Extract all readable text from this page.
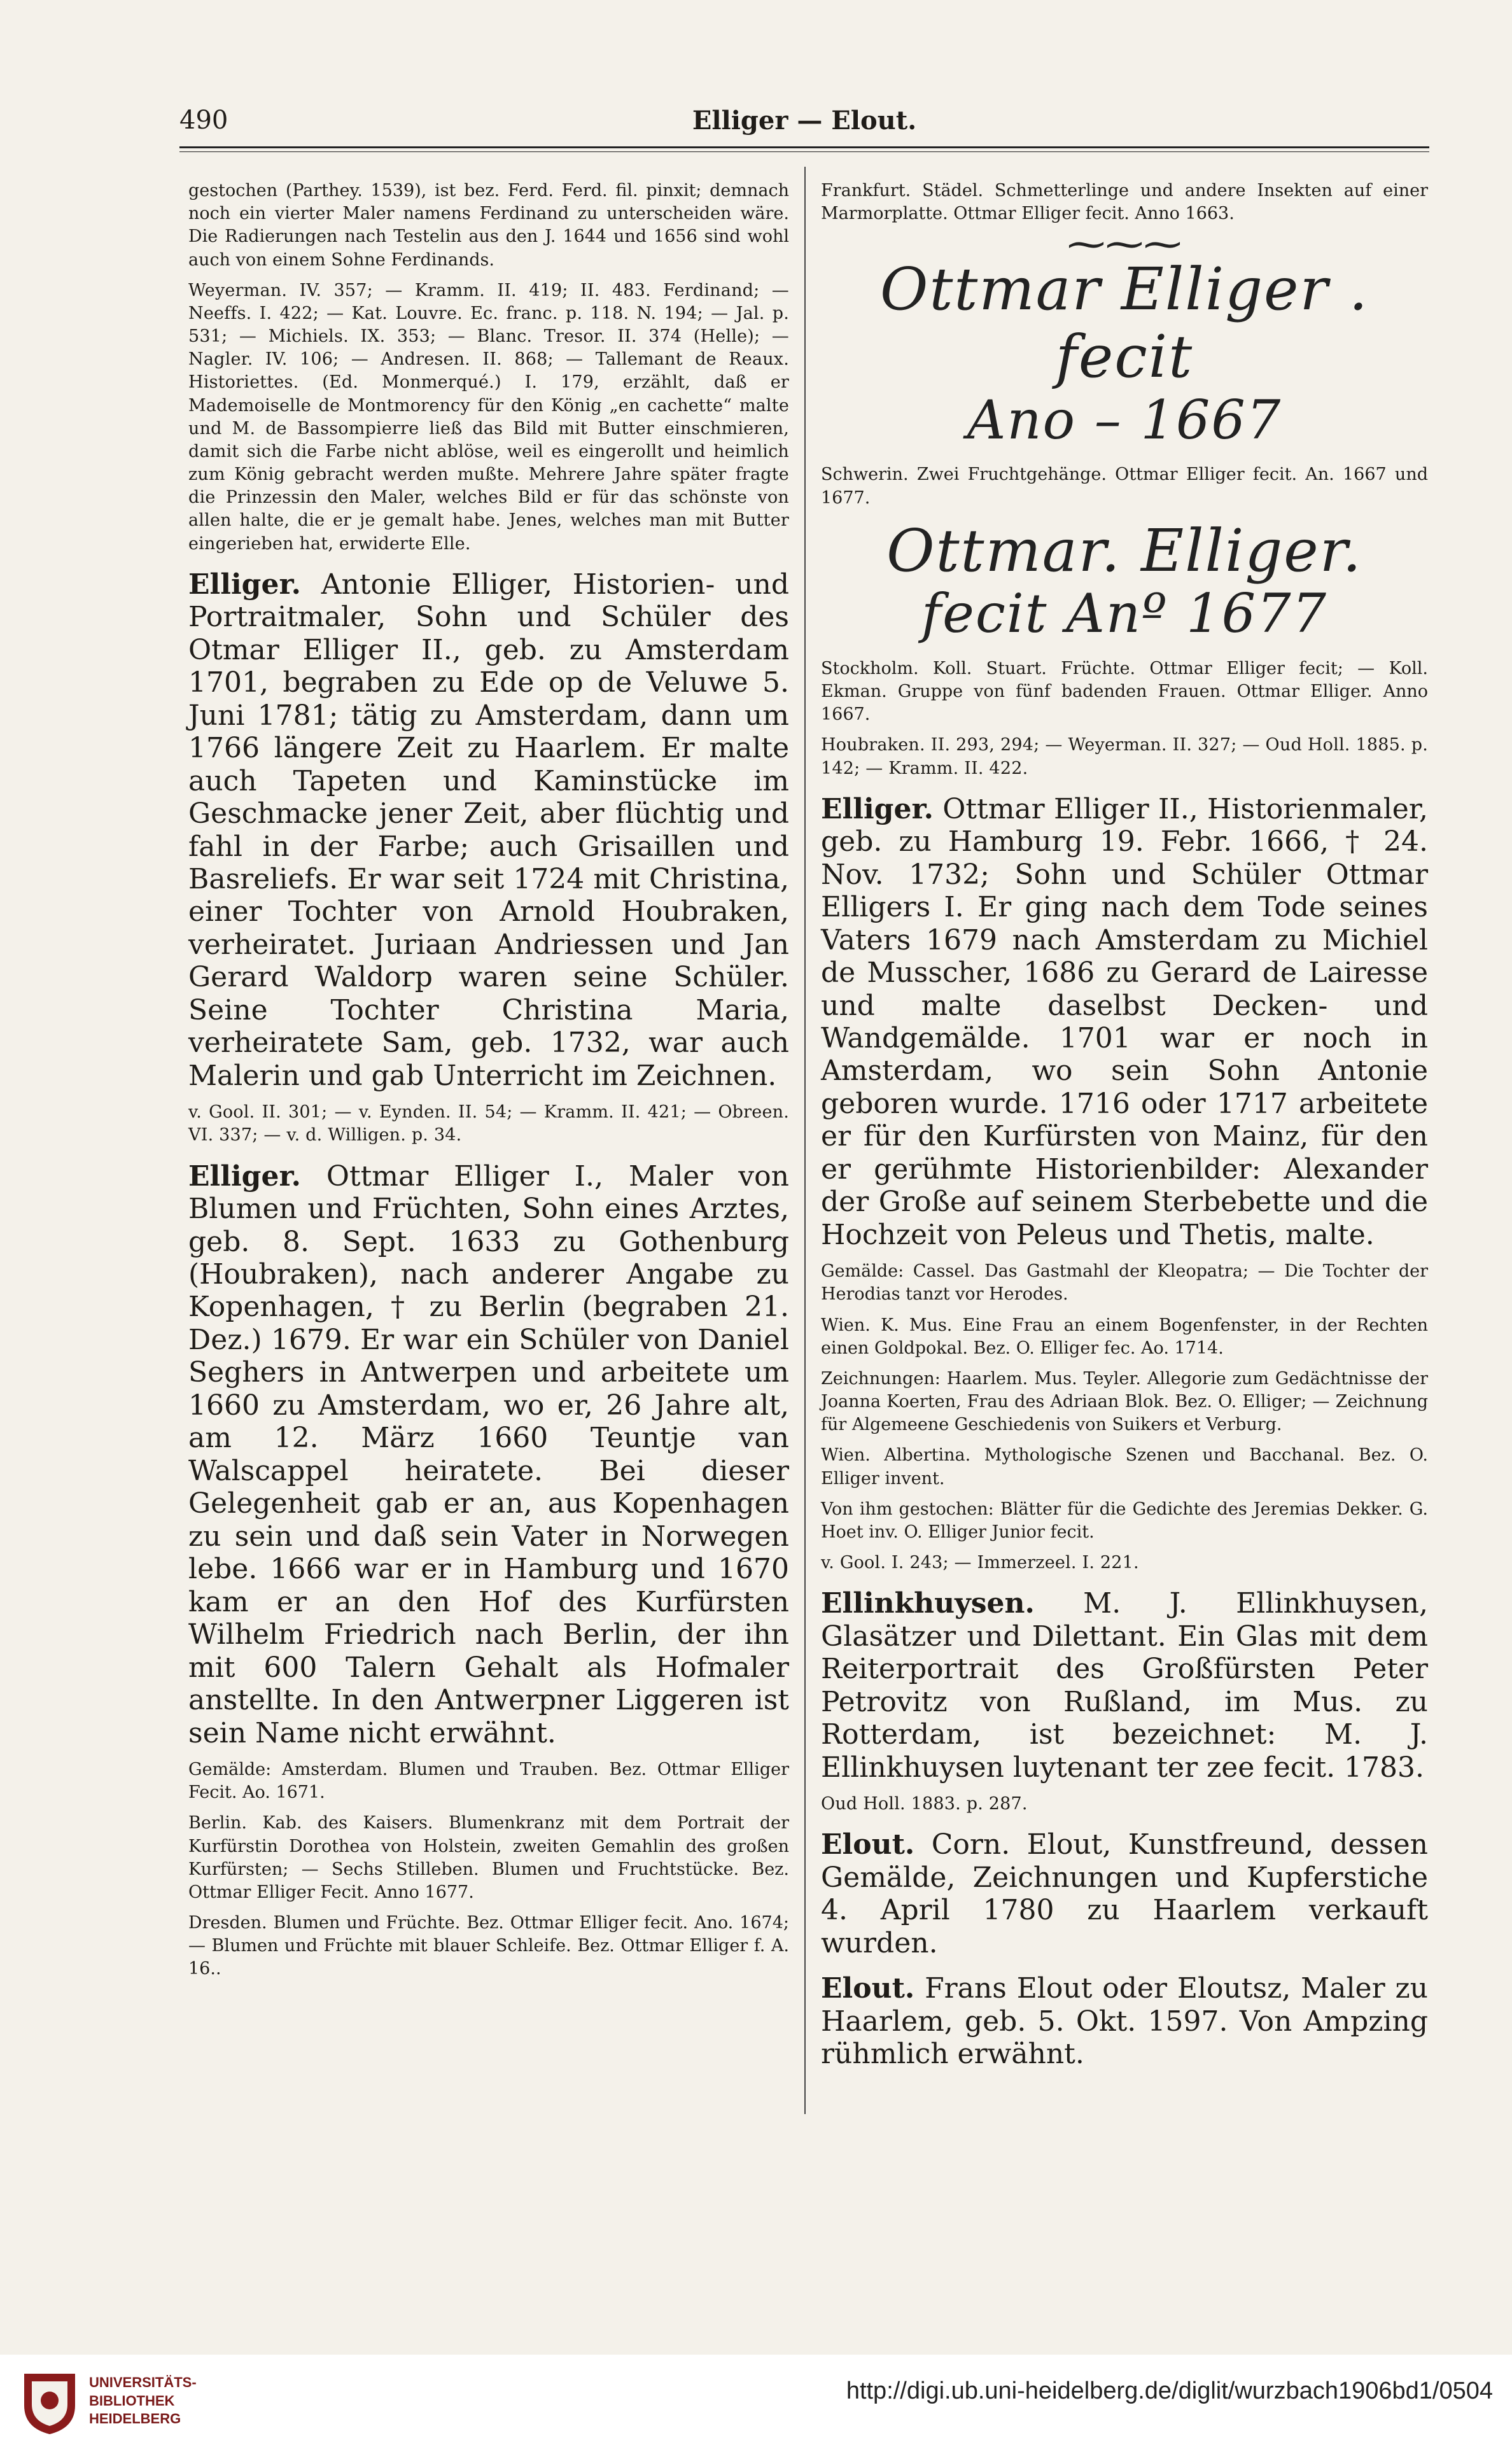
490	Elliger — Elout.

gestochen (Parthey. 1539), ist bez. Ferd. Ferd. fil. pinxit; demnach noch ein vierter Maler namens Ferdinand zu unterscheiden wäre. Die Radierungen nach Testelin aus den J. 1644 und 1656 sind wohl auch von einem Sohne Ferdinands.

Weyerman. IV. 357; — Kramm. II. 419; II. 483. Ferdinand; — Neeffs. I. 422; — Kat. Louvre. Ec. franc. p. 118. N. 194; — Jal. p. 531; — Michiels. IX. 353; — Blanc. Tresor. II. 374 (Helle); — Nagler. IV. 106; — Andresen. II. 868; — Tallemant de Reaux. Historiettes. (Ed. Monmerqué.) I. 179, erzählt, daß er Mademoiselle de Montmorency für den König „en cachette“ malte und M. de Bassompierre ließ das Bild mit Butter einschmieren, damit sich die Farbe nicht ablöse, weil es eingerollt und heimlich zum König gebracht werden mußte. Mehrere Jahre später fragte die Prinzessin den Maler, welches Bild er für das schönste von allen halte, die er je gemalt habe. Jenes, welches man mit Butter eingerieben hat, erwiderte Elle.

Elliger. Antonie Elliger, Historien- und Portraitmaler, Sohn und Schüler des Otmar Elliger II., geb. zu Amsterdam 1701, begraben zu Ede op de Veluwe 5. Juni 1781; tätig zu Amsterdam, dann um 1766 längere Zeit zu Haarlem. Er malte auch Tapeten und Kaminstücke im Geschmacke jener Zeit, aber flüchtig und fahl in der Farbe; auch Grisaillen und Basreliefs. Er war seit 1724 mit Christina, einer Tochter von Arnold Houbraken, verheiratet. Juriaan Andriessen und Jan Gerard Waldorp waren seine Schüler. Seine Tochter Christina Maria, verheiratete Sam, geb. 1732, war auch Malerin und gab Unterricht im Zeichnen.

v. Gool. II. 301; — v. Eynden. II. 54; — Kramm. II. 421; — Obreen. VI. 337; — v. d. Willigen. p. 34.

Elliger. Ottmar Elliger I., Maler von Blumen und Früchten, Sohn eines Arztes, geb. 8. Sept. 1633 zu Gothenburg (Houbraken), nach anderer Angabe zu Kopenhagen, † zu Berlin (begraben 21. Dez.) 1679. Er war ein Schüler von Daniel Seghers in Antwerpen und arbeitete um 1660 zu Amsterdam, wo er, 26 Jahre alt, am 12. März 1660 Teuntje van Walscappel heiratete. Bei dieser Gelegenheit gab er an, aus Kopenhagen zu sein und daß sein Vater in Norwegen lebe. 1666 war er in Hamburg und 1670 kam er an den Hof des Kurfürsten Wilhelm Friedrich nach Berlin, der ihn mit 600 Talern Gehalt als Hofmaler anstellte. In den Antwerpner Liggeren ist sein Name nicht erwähnt.

Gemälde: Amsterdam. Blumen und Trauben. Bez. Ottmar Elliger Fecit. Ao. 1671.

Berlin. Kab. des Kaisers. Blumenkranz mit dem Portrait der Kurfürstin Dorothea von Holstein, zweiten Gemahlin des großen Kurfürsten; — Sechs Stilleben. Blumen und Fruchtstücke. Bez. Ottmar Elliger Fecit. Anno 1677.

Dresden. Blumen und Früchte. Bez. Ottmar Elliger fecit. Ano. 1674; — Blumen und Früchte mit blauer Schleife. Bez. Ottmar Elliger f. A. 16..

Frankfurt. Städel. Schmetterlinge und andere Insekten auf einer Marmorplatte. Ottmar Elliger fecit. Anno 1663.

⁓⁓⁓
Ottmar Elliger . fecit
Ano – 1667

Schwerin. Zwei Fruchtgehänge. Ottmar Elliger fecit. An. 1667 und 1677.

Ottmar. Elliger.
fecit Anº 1677

Stockholm. Koll. Stuart. Früchte. Ottmar Elliger fecit; — Koll. Ekman. Gruppe von fünf badenden Frauen. Ottmar Elliger. Anno 1667.

Houbraken. II. 293, 294; — Weyerman. II. 327; — Oud Holl. 1885. p. 142; — Kramm. II. 422.

Elliger. Ottmar Elliger II., Historienmaler, geb. zu Hamburg 19. Febr. 1666, † 24. Nov. 1732; Sohn und Schüler Ottmar Elligers I. Er ging nach dem Tode seines Vaters 1679 nach Amsterdam zu Michiel de Musscher, 1686 zu Gerard de Lairesse und malte daselbst Decken- und Wandgemälde. 1701 war er noch in Amsterdam, wo sein Sohn Antonie geboren wurde. 1716 oder 1717 arbeitete er für den Kurfürsten von Mainz, für den er gerühmte Historienbilder: Alexander der Große auf seinem Sterbebette und die Hochzeit von Peleus und Thetis, malte.

Gemälde: Cassel. Das Gastmahl der Kleopatra; — Die Tochter der Herodias tanzt vor Herodes.

Wien. K. Mus. Eine Frau an einem Bogenfenster, in der Rechten einen Goldpokal. Bez. O. Elliger fec. Ao. 1714.

Zeichnungen: Haarlem. Mus. Teyler. Allegorie zum Gedächtnisse der Joanna Koerten, Frau des Adriaan Blok. Bez. O. Elliger; — Zeichnung für Algemeene Geschiedenis von Suikers et Verburg.

Wien. Albertina. Mythologische Szenen und Bacchanal. Bez. O. Elliger invent.

Von ihm gestochen: Blätter für die Gedichte des Jeremias Dekker. G. Hoet inv. O. Elliger Junior fecit.

v. Gool. I. 243; — Immerzeel. I. 221.

Ellinkhuysen. M. J. Ellinkhuysen, Glasätzer und Dilettant. Ein Glas mit dem Reiterportrait des Großfürsten Peter Petrovitz von Rußland, im Mus. zu Rotterdam, ist bezeichnet: M. J. Ellinkhuysen luytenant ter zee fecit. 1783.

Oud Holl. 1883. p. 287.

Elout. Corn. Elout, Kunstfreund, dessen Gemälde, Zeichnungen und Kupferstiche 4. April 1780 zu Haarlem verkauft wurden.

Elout. Frans Elout oder Eloutsz, Maler zu Haarlem, geb. 5. Okt. 1597. Von Ampzing rühmlich erwähnt.

UNIVERSITÄTS-
BIBLIOTHEK
HEIDELBERG
http://digi.ub.uni-heidelberg.de/diglit/wurzbach1906bd1/0504
